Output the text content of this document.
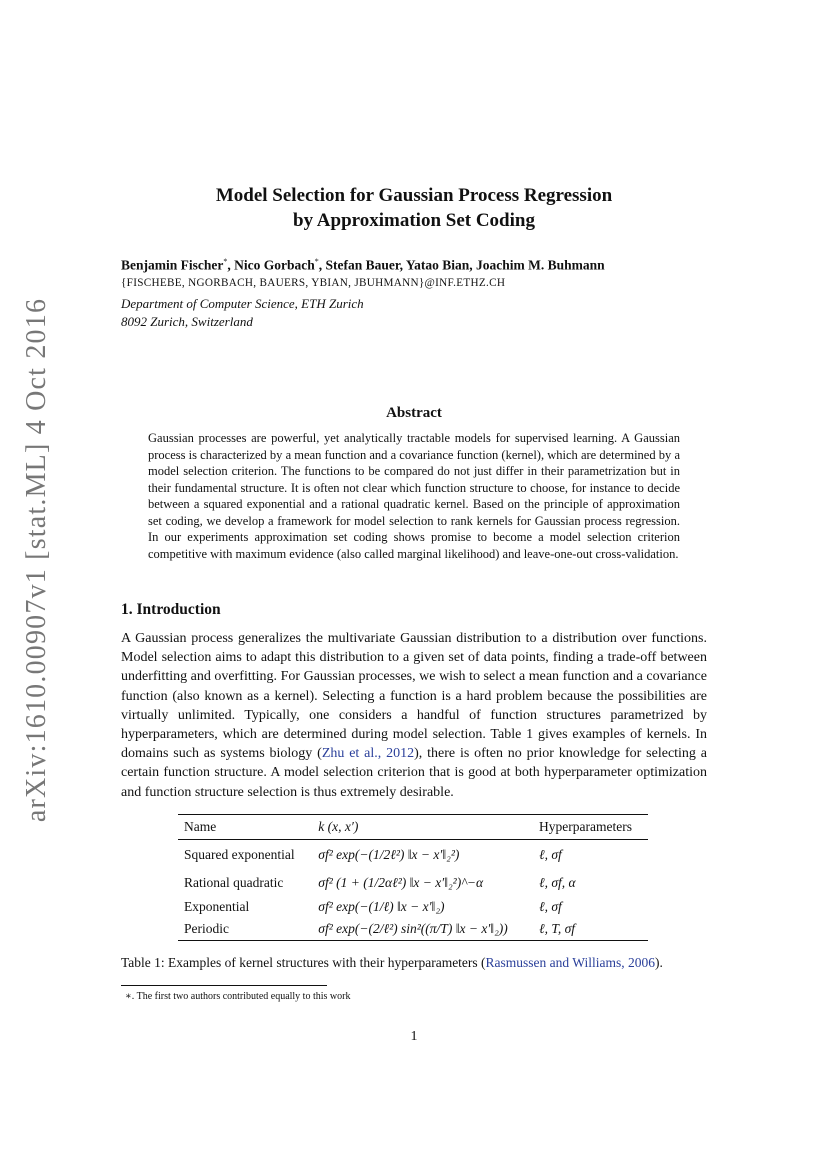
arXiv:1610.00907v1 [stat.ML] 4 Oct 2016
Model Selection for Gaussian Process Regression
by Approximation Set Coding
Benjamin Fischer*, Nico Gorbach*, Stefan Bauer, Yatao Bian, Joachim M. Buhmann
{FISCHEBE, NGORBACH, BAUERS, YBIAN, JBUHMANN}@INF.ETHZ.CH
Department of Computer Science, ETH Zurich
8092 Zurich, Switzerland
Abstract
Gaussian processes are powerful, yet analytically tractable models for supervised learning. A Gaussian process is characterized by a mean function and a covariance function (kernel), which are determined by a model selection criterion. The functions to be compared do not just differ in their parametrization but in their fundamental structure. It is often not clear which function structure to choose, for instance to decide between a squared exponential and a rational quadratic kernel. Based on the principle of approximation set coding, we develop a framework for model selection to rank kernels for Gaussian process regression. In our experiments approximation set coding shows promise to become a model selection criterion competitive with maximum evidence (also called marginal likelihood) and leave-one-out cross-validation.
1. Introduction
A Gaussian process generalizes the multivariate Gaussian distribution to a distribution over functions. Model selection aims to adapt this distribution to a given set of data points, finding a trade-off between underfitting and overfitting. For Gaussian processes, we wish to select a mean function and a covariance function (also known as a kernel). Selecting a function is a hard problem because the possibilities are virtually unlimited. Typically, one considers a handful of function structures parametrized by hyperparameters, which are determined during model selection. Table 1 gives examples of kernels. In domains such as systems biology (Zhu et al., 2012), there is often no prior knowledge for selecting a certain function structure. A model selection criterion that is good at both hyperparameter optimization and function structure selection is thus extremely desirable.
Name	k (x, x′)	Hyperparameters
Squared exponential	σf² exp(−(1/2ℓ²) ‖x − x′‖₂²)	ℓ, σf
Rational quadratic	σf² (1 + (1/2αℓ²) ‖x − x′‖₂²)^−α	ℓ, σf, α
Exponential	σf² exp(−(1/ℓ) ‖x − x′‖₂)	ℓ, σf
Periodic	σf² exp(−(2/ℓ²) sin²((π/T) ‖x − x′‖₂))	ℓ, T, σf
Table 1: Examples of kernel structures with their hyperparameters (Rasmussen and Williams, 2006).
∗. The first two authors contributed equally to this work
1
